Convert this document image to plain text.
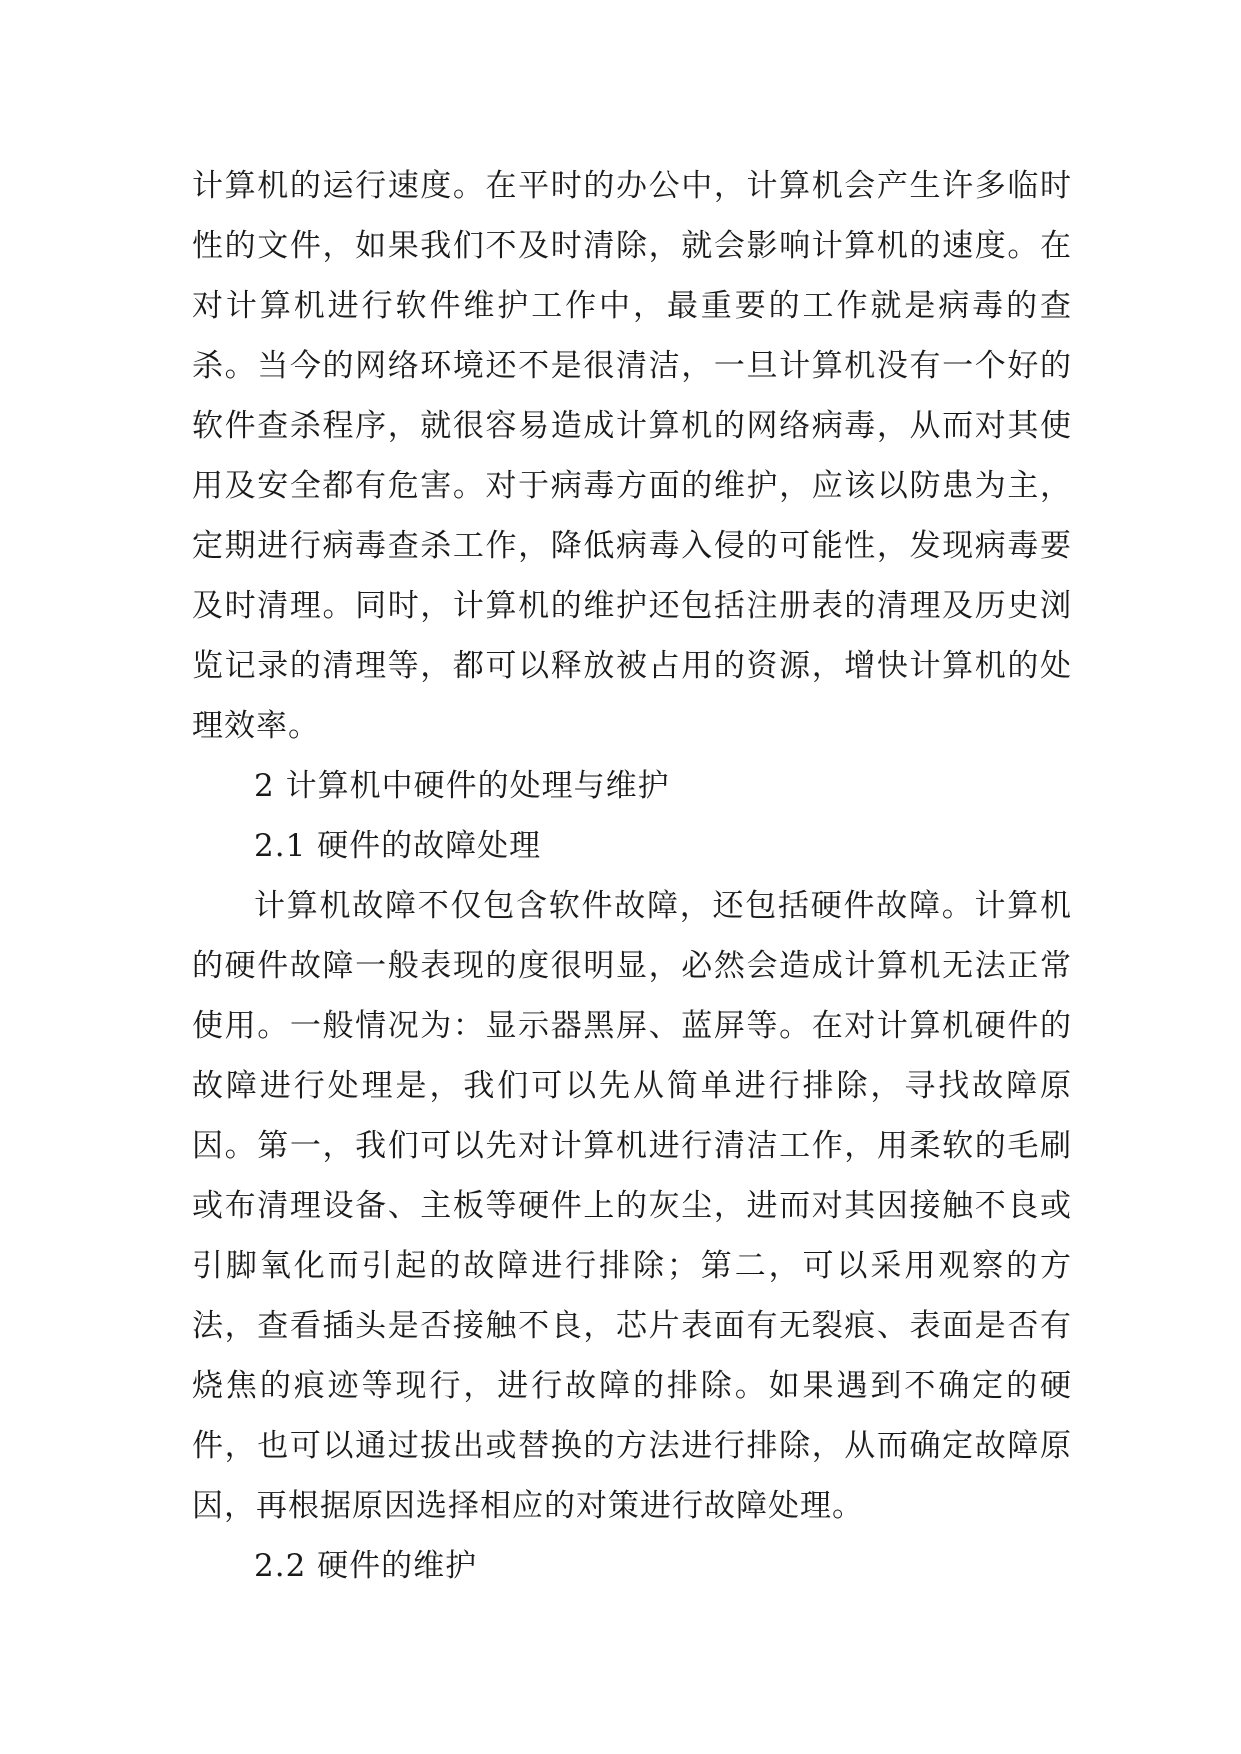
计算机的运行速度。在平时的办公中，计算机会产生许多临时性的文件，如果我们不及时清除，就会影响计算机的速度。在对计算机进行软件维护工作中，最重要的工作就是病毒的查杀。当今的网络环境还不是很清洁，一旦计算机没有一个好的软件查杀程序，就很容易造成计算机的网络病毒，从而对其使用及安全都有危害。对于病毒方面的维护，应该以防患为主，定期进行病毒查杀工作，降低病毒入侵的可能性，发现病毒要及时清理。同时，计算机的维护还包括注册表的清理及历史浏览记录的清理等，都可以释放被占用的资源，增快计算机的处理效率。

2 计算机中硬件的处理与维护

2.1 硬件的故障处理

计算机故障不仅包含软件故障，还包括硬件故障。计算机的硬件故障一般表现的度很明显，必然会造成计算机无法正常使用。一般情况为：显示器黑屏、蓝屏等。在对计算机硬件的故障进行处理是，我们可以先从简单进行排除，寻找故障原因。第一，我们可以先对计算机进行清洁工作，用柔软的毛刷或布清理设备、主板等硬件上的灰尘，进而对其因接触不良或引脚氧化而引起的故障进行排除；第二，可以采用观察的方法，查看插头是否接触不良，芯片表面有无裂痕、表面是否有烧焦的痕迹等现行，进行故障的排除。如果遇到不确定的硬件，也可以通过拔出或替换的方法进行排除，从而确定故障原因，再根据原因选择相应的对策进行故障处理。

2.2 硬件的维护
